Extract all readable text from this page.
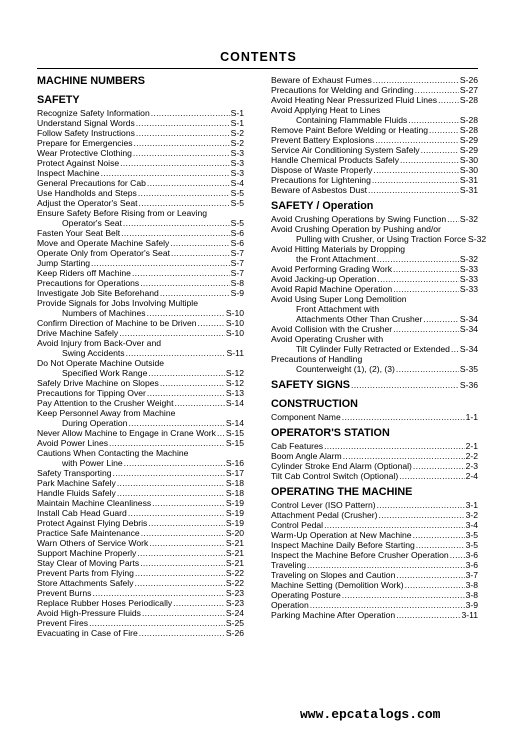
CONTENTS
MACHINE NUMBERS
SAFETY
Recognize Safety Information .....	S-1
Understand Signal Words .....	S-1
Follow Safety Instructions .....	S-2
Prepare for Emergencies .....	S-2
Wear Protective Clothing .....	S-3
Protect Against Noise .....	S-3
Inspect Machine .....	S-3
General Precautions for Cab .....	S-4
Use Handholds and Steps .....	S-5
Adjust the Operator's Seat .....	S-5
Ensure Safety Before Rising from or Leaving
Operator's Seat .....	S-5
Fasten Your Seat Belt .....	S-6
Move and Operate Machine Safely .....	S-6
Operate Only from Operator's Seat .....	S-7
Jump Starting .....	S-7
Keep Riders off Machine .....	S-7
Precautions for Operations .....	S-8
Investigate Job Site Beforehand .....	S-9
Provide Signals for Jobs Involving Multiple
Numbers of Machines .....	S-10
Confirm Direction of Machine to be Driven .....	S-10
Drive Machine Safely .....	S-10
Avoid Injury from Back-Over and
Swing Accidents .....	S-11
Do Not Operate Machine Outside
Specified Work Range .....	S-12
Safely Drive Machine on Slopes .....	S-12
Precautions for Tipping Over .....	S-13
Pay Attention to the Crusher Weight .....	S-14
Keep Personnel Away from Machine
During Operation .....	S-14
Never Allow Machine to Engage in Crane Work ..... S-15
Avoid Power Lines .....	S-15
Cautions When Contacting the Machine
with Power Line .....	S-16
Safety Transporting .....	S-17
Park Machine Safely .....	S-18
Handle Fluids Safely .....	S-18
Maintain Machine Cleanliness .....	S-19
Install Cab Head Guard .....	S-19
Protect Against Flying Debris .....	S-19
Practice Safe Maintenance .....	S-20
Warn Others of Service Work .....	S-21
Support Machine Properly .....	S-21
Stay Clear of Moving Parts .....	S-21
Prevent Parts from Flying .....	S-22
Store Attachments Safely .....	S-22
Prevent Burns .....	S-23
Replace Rubber Hoses Periodically .....	S-23
Avoid High-Pressure Fluids .....	S-24
Prevent Fires .....	S-25
Evacuating in Case of Fire .....	S-26
Beware of Exhaust Fumes .....	S-26
Precautions for Welding and Grinding .....	S-27
Avoid Heating Near Pressurized Fluid Lines .....	S-28
Avoid Applying Heat to Lines
Containing Flammable Fluids .....	S-28
Remove Paint Before Welding or Heating .....	S-28
Prevent Battery Explosions .....	S-29
Service Air Conditioning System Safely .....	S-29
Handle Chemical Products Safely .....	S-30
Dispose of Waste Properly .....	S-30
Precautions for Lightening .....	S-31
Beware of Asbestos Dust .....	S-31
SAFETY / Operation
Avoid Crushing Operations by Swing Function ..... S-32
Avoid Crushing Operation by Pushing and/or
Pulling with Crusher, or Using Traction Force S-32
Avoid Hitting Materials by Dropping
the Front Attachment .....	S-32
Avoid Performing Grading Work .....	S-33
Avoid Jacking-up Operation .....	S-33
Avoid Rapid Machine Operation .....	S-33
Avoid Using Super Long Demolition
Front Attachment with
Attachments Other Than Crusher .....	S-34
Avoid Collision with the Crusher .....	S-34
Avoid Operating Crusher with
Tilt Cylinder Fully Retracted or Extended ..... S-34
Precautions of Handling
Counterweight (1), (2), (3) .....	S-35
SAFETY SIGNS .....	S-36
CONSTRUCTION
Component Name .....	1-1
OPERATOR'S STATION
Cab Features .....	2-1
Boom Angle Alarm .....	2-2
Cylinder Stroke End Alarm (Optional) .....	2-3
Tilt Cab Control Switch (Optional) .....	2-4
OPERATING THE MACHINE
Control Lever (ISO Pattern) .....	3-1
Attachment Pedal (Crusher) .....	3-2
Control Pedal .....	3-4
Warm-Up Operation at New Machine .....	3-5
Inspect Machine Daily Before Starting .....	3-5
Inspect the Machine Before Crusher Operation ..... 3-6
Traveling .....	3-6
Traveling on Slopes and Caution .....	3-7
Machine Setting (Demolition Work) .....	3-8
Operating Posture .....	3-8
Operation .....	3-9
Parking Machine After Operation .....	3-11
www.epcatalogs.com
